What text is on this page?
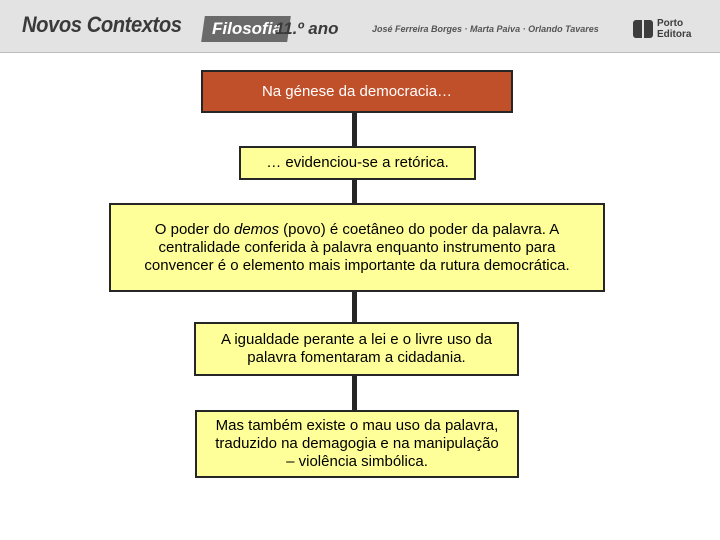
Novos Contextos	Filosofia
11.º ano	José Ferreira Borges · Marta Paiva · Orlando Tavares	Porto
Editora
Na génese da democracia…
… evidenciou-se a retórica.
O poder do demos (povo) é coetâneo do poder da palavra. A centralidade conferida à palavra enquanto instrumento para convencer é o elemento mais importante da rutura democrática.
A igualdade perante a lei e o livre uso da palavra fomentaram a cidadania.
Mas também existe o mau uso da palavra, traduzido na demagogia e na manipulação – violência simbólica.
